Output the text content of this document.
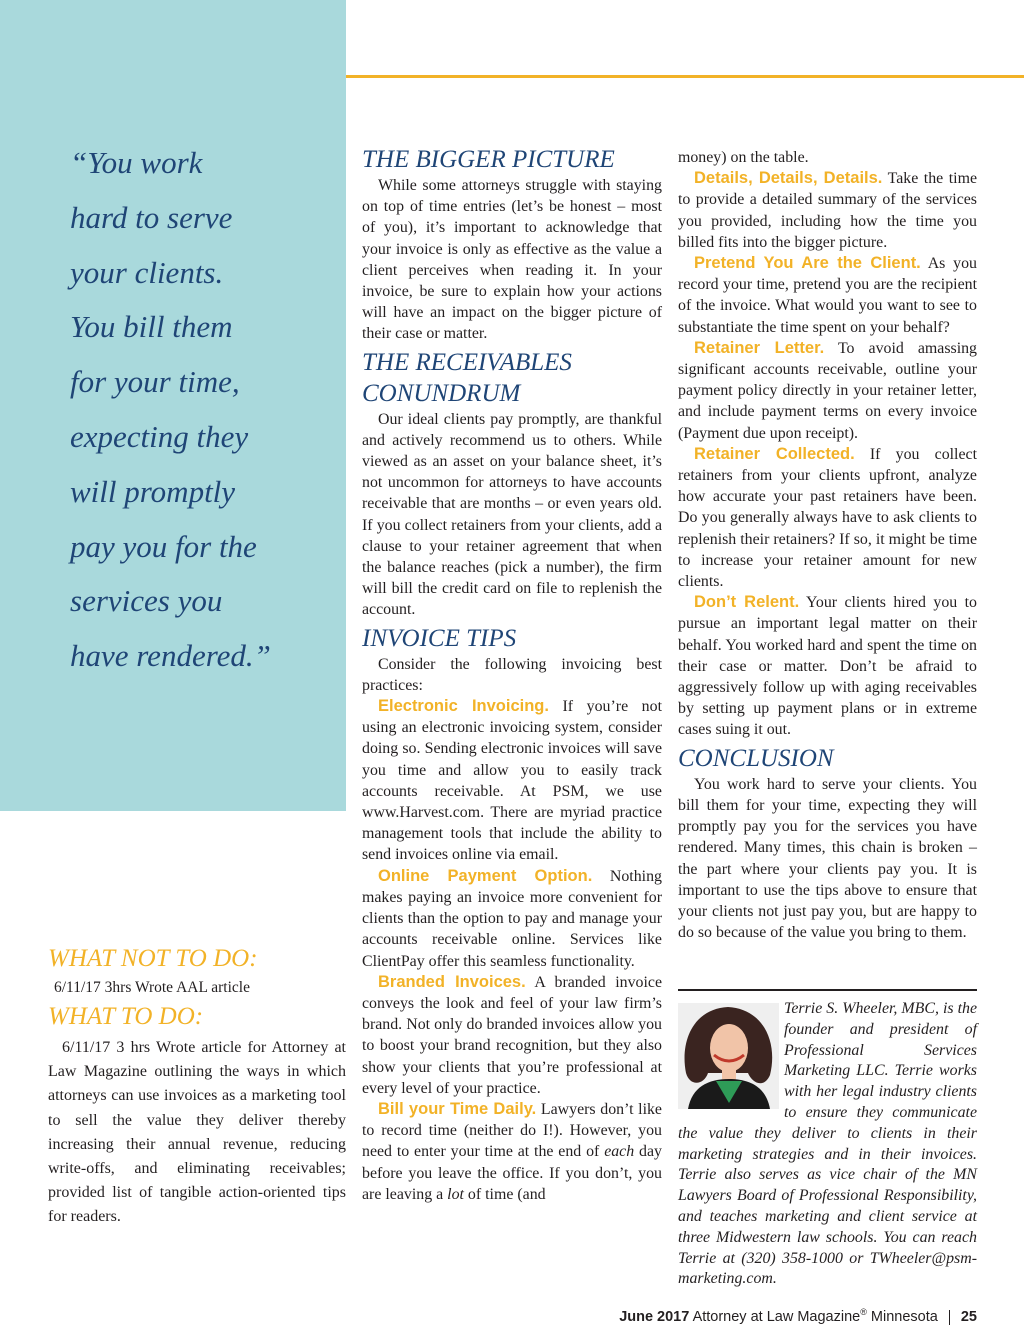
“You work
hard to serve
your clients.
You bill them
for your time,
expecting they
will promptly
pay you for the
services you
have rendered.”
WHAT NOT TO DO:
6/11/17 3hrs Wrote AAL article
WHAT TO DO:

6/11/17 3 hrs Wrote article for Attorney at Law Magazine outlining the ways in which attorneys can use invoices as a marketing tool to sell the value they deliver thereby increasing their annual revenue, reducing write-offs, and eliminating receivables; provided list of tangible action-oriented tips for readers.

THE BIGGER PICTURE

While some attorneys struggle with staying on top of time entries (let’s be honest – most of you), it’s important to acknowledge that your invoice is only as effective as the value a client perceives when reading it. In your invoice, be sure to explain how your actions will have an impact on the bigger picture of their case or matter.

THE RECEIVABLES
CONUNDRUM

Our ideal clients pay promptly, are thankful and actively recommend us to others. While viewed as an asset on your balance sheet, it’s not uncommon for attorneys to have accounts receivable that are months – or even years old. If you collect retainers from your clients, add a clause to your retainer agreement that when the balance reaches (pick a number), the firm will bill the credit card on file to replenish the account.

INVOICE TIPS

Consider the following invoicing best practices:

Electronic Invoicing. If you’re not using an electronic invoicing system, consider doing so. Sending electronic invoices will save you time and allow you to easily track accounts receivable. At PSM, we use www.Harvest.com. There are myriad practice management tools that include the ability to send invoices online via email.

Online Payment Option. Nothing makes paying an invoice more convenient for clients than the option to pay and manage your accounts receivable online. Services like ClientPay offer this seamless functionality.

Branded Invoices. A branded invoice conveys the look and feel of your law firm’s brand. Not only do branded invoices allow you to boost your brand recognition, but they also show your clients that you’re professional at every level of your practice.

Bill your Time Daily. Lawyers don’t like to record time (neither do I!). However, you need to enter your time at the end of each day before you leave the office. If you don’t, you are leaving a lot of time (and

money) on the table.

Details, Details, Details. Take the time to provide a detailed summary of the services you provided, including how the time you billed fits into the bigger picture.

Pretend You Are the Client. As you record your time, pretend you are the recipient of the invoice. What would you want to see to substantiate the time spent on your behalf?

Retainer Letter. To avoid amassing significant accounts receivable, outline your payment policy directly in your retainer letter, and include payment terms on every invoice (Payment due upon receipt).

Retainer Collected. If you collect retainers from your clients upfront, analyze how accurate your past retainers have been. Do you generally always have to ask clients to replenish their retainers? If so, it might be time to increase your retainer amount for new clients.

Don’t Relent. Your clients hired you to pursue an important legal matter on their behalf. You worked hard and spent the time on their case or matter. Don’t be afraid to aggressively follow up with aging receivables by setting up payment plans or in extreme cases suing it out.

CONCLUSION

You work hard to serve your clients. You bill them for your time, expecting they will promptly pay you for the services you have rendered. Many times, this chain is broken – the part where your clients pay you. It is important to use the tips above to ensure that your clients not just pay you, but are happy to do so because of the value you bring to them.

Terrie S. Wheeler, MBC, is the founder and president of Professional Services Marketing LLC. Terrie works with her legal industry clients to ensure they communicate the value they deliver to clients in their marketing strategies and in their invoices. Terrie also serves as vice chair of the MN Lawyers Board of Professional Responsibility, and teaches marketing and client service at three Midwestern law schools. You can reach Terrie at (320) 358-1000 or TWheeler@psm-marketing.com.
June 2017 Attorney at Law Magazine® Minnesota 25
